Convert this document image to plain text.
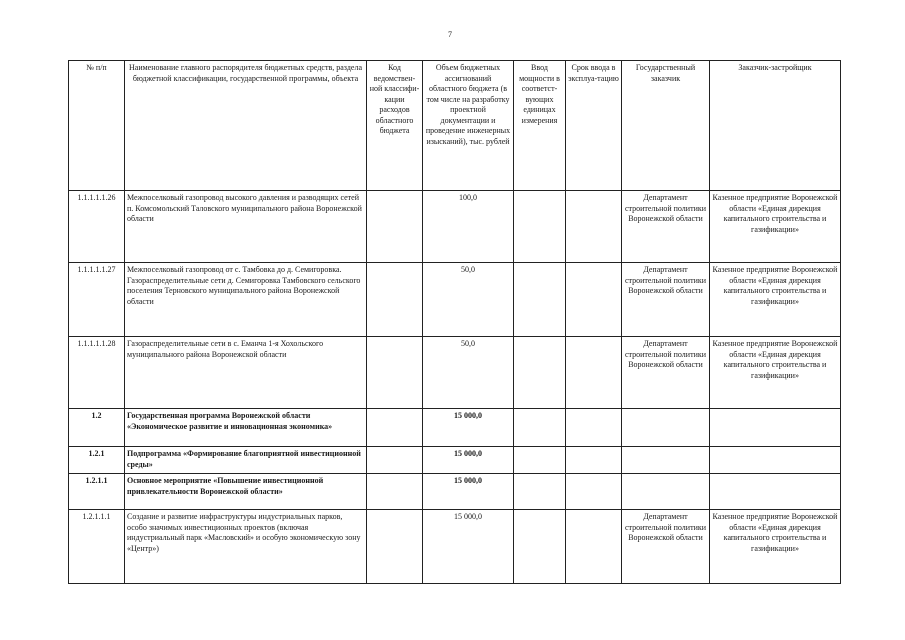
7
№ п/п	Наименование главного распорядителя бюджетных средств, раздела бюджетной классификации, государственной программы, объекта	Код ведомствен-ной классифи-кации расходов областного бюджета	Объем бюджетных ассигнований областного бюджета (в том числе на разработку проектной документации и проведение инженерных изысканий), тыс. рублей	Ввод мощности в соответст-вующих единицах измерения	Срок ввода в эксплуа-тацию	Государственный заказчик	Заказчик-застройщик
1.1.1.1.1.26	Межпоселковый газопровод высокого давления и разводящих сетей п. Комсомольский Таловского муниципального района Воронежской области		100,0			Департамент строительной политики Воронежской области	Казенное предприятие Воронежской области «Единая дирекция капитального строительства и газификации»
1.1.1.1.1.27	Межпоселковый газопровод от с. Тамбовка до д. Семигоровка. Газораспределительные сети д. Семигоровка Тамбовского сельского поселения Терновского муниципального района Воронежской области		50,0			Департамент строительной политики Воронежской области	Казенное предприятие Воронежской области «Единая дирекция капитального строительства и газификации»
1.1.1.1.1.28	Газораспределительные сети в с. Еманча 1-я Хохольского муниципального района Воронежской области		50,0			Департамент строительной политики Воронежской области	Казенное предприятие Воронежской области «Единая дирекция капитального строительства и газификации»
1.2	Государственная программа Воронежской области «Экономическое развитие и инновационная экономика»		15 000,0				
1.2.1	Подпрограмма «Формирование благоприятной инвестиционной среды»		15 000,0				
1.2.1.1	Основное мероприятие «Повышение инвестиционной привлекательности Воронежской области»		15 000,0				
1.2.1.1.1	Создание и развитие инфраструктуры индустриальных парков, особо значимых инвестиционных проектов (включая индустриальный парк «Масловский» и особую экономическую зону «Центр»)		15 000,0			Департамент строительной политики Воронежской области	Казенное предприятие Воронежской области «Единая дирекция капитального строительства и газификации»
